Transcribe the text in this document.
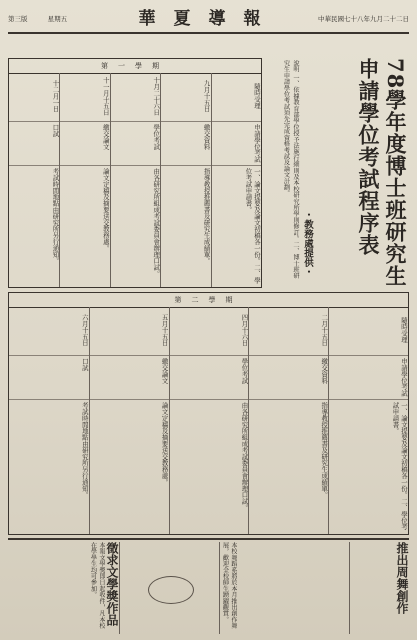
第三版	星期五	華夏導報	中華民國七十八年九月二十二日
78學年度博士班研究生申請學位考試程序表
・教務處提供・
說明 一、依據教育部學位授予法施行細則及本校研究所學則修訂。二、博士班研究生申請學位考試須先完成資格考試及論文計劃。
第一學期
隨時受理
申請學位考試
一、論文提要及論文初稿各一份。二、學位考試申請書。
九月十五日
繳交資料
指導教授推薦書及研究生成績單。
十月二十六日
學位考試
由各研究所組成考試委員會辦理口試。
十一月十五日
繳交論文
論文定稿及摘要送交教務處。
十二月一日
口試
考試時間地點由研究所另行通知。
第二學期
隨時受理
申請學位考試
一、論文提要及論文初稿各一份。二、學位考試申請書。
二月十五日
繳交資料
指導教授推薦書及研究生成績單。
四月十六日
學位考試
由各研究所組成考試委員會辦理口試。
五月十五日
繳交論文
論文定稿及摘要送交教務處。
六月十五日
口試
考試時間地點由研究所另行通知。
推出周舞創作
本校舞蹈系將於本月推出創作舞展，歡迎全校師生踴躍觀賞。
徵求文學獎作品
本報文學獎即日起收件，凡本校在學學生均可參加。
